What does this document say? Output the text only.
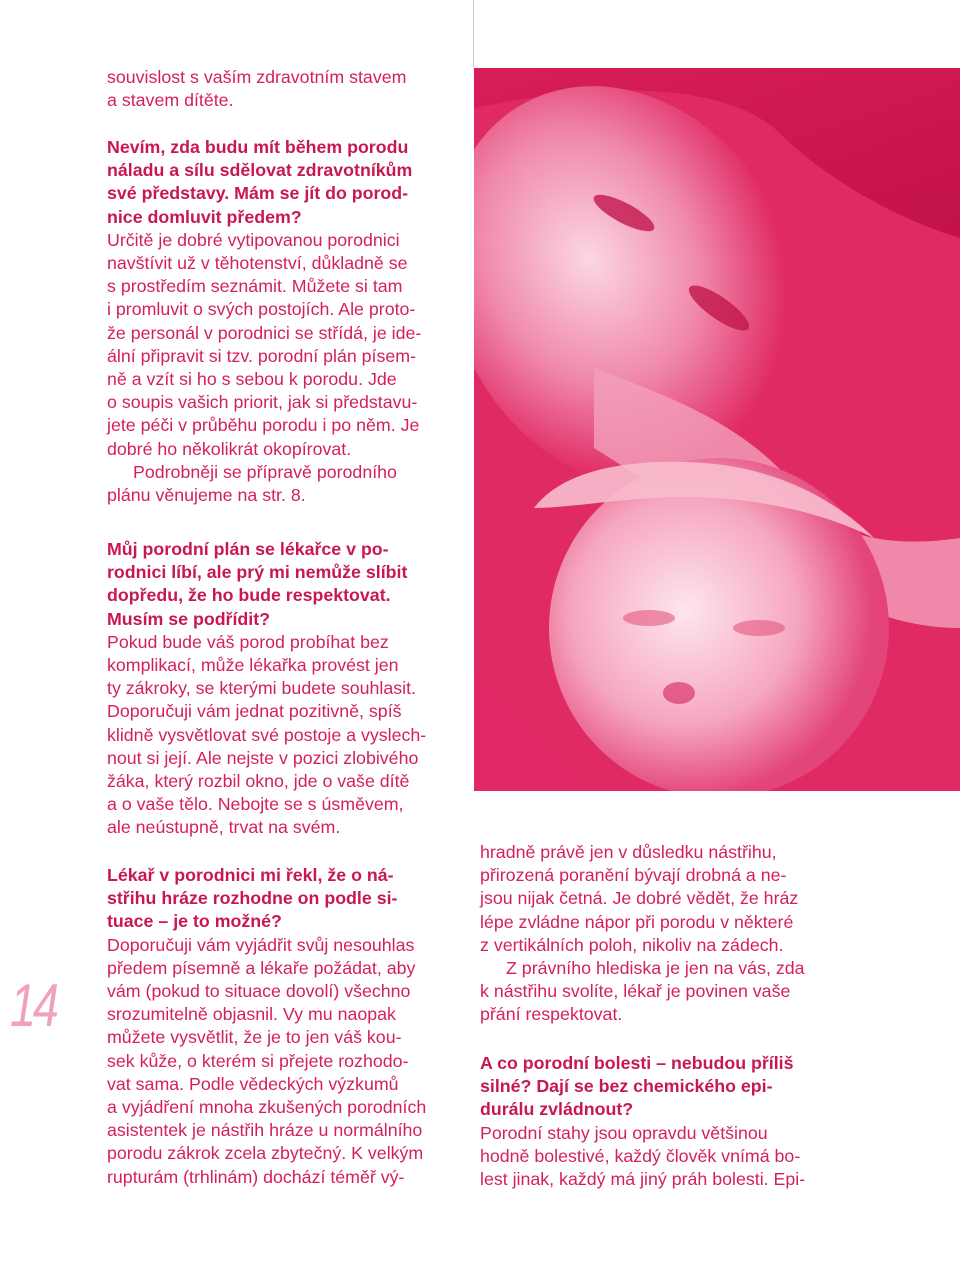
souvislost s vaším zdravotním stavem

a stavem dítěte.

Nevím, zda budu mít během porodu

náladu a sílu sdělovat zdravotníkům

své představy. Mám se jít do porod-

nice domluvit předem?

Určitě je dobré vytipovanou porodnici

navštívit už v těhotenství, důkladně se

s prostředím seznámit. Můžete si tam

i promluvit o svých postojích. Ale proto-

že personál v porodnici se střídá, je ide-

ální připravit si tzv. porodní plán písem-

ně a vzít si ho s sebou k porodu. Jde

o soupis vašich priorit, jak si představu-

jete péči v průběhu porodu i po něm. Je

dobré ho několikrát okopírovat.

Podrobněji se přípravě porodního

plánu věnujeme na str. 8.

Můj porodní plán se lékařce v po-

rodnici líbí, ale prý mi nemůže slíbit

dopředu, že ho bude respektovat.

Musím se podřídit?

Pokud bude váš porod probíhat bez

komplikací, může lékařka provést jen

ty zákroky, se kterými budete souhlasit.

Doporučuji vám jednat pozitivně, spíš

klidně vysvětlovat své postoje a vyslech-

nout si její. Ale nejste v pozici zlobivého

žáka, který rozbil okno, jde o vaše dítě

a o vaše tělo. Nebojte se s úsměvem,

ale neústupně, trvat na svém.

Lékař v porodnici mi řekl, že o ná-

střihu hráze rozhodne on podle si-

tuace – je to možné?

Doporučuji vám vyjádřit svůj nesouhlas

předem písemně a lékaře požádat, aby

vám (pokud to situace dovolí) všechno

srozumitelně objasnil. Vy mu naopak

můžete vysvětlit, že je to jen váš kou-

sek kůže, o kterém si přejete rozhodo-

vat sama. Podle vědeckých výzkumů

a vyjádření mnoha zkušených porodních

asistentek je nástřih hráze u normálního

porodu zákrok zcela zbytečný. K velkým

rupturám (trhlinám) dochází téměř vý-

hradně právě jen v důsledku nástřihu,

přirozená poranění bývají drobná a ne-

jsou nijak četná. Je dobré vědět, že hráz

lépe zvládne nápor při porodu v některé

z vertikálních poloh, nikoliv na zádech.

Z právního hlediska je jen na vás, zda

k nástřihu svolíte, lékař je povinen vaše

přání respektovat.

A co porodní bolesti – nebudou příliš

silné? Dají se bez chemického epi-

durálu zvládnout?

Porodní stahy jsou opravdu většinou

hodně bolestivé, každý člověk vnímá bo-

lest jinak, každý má jiný práh bolesti. Epi-

14
